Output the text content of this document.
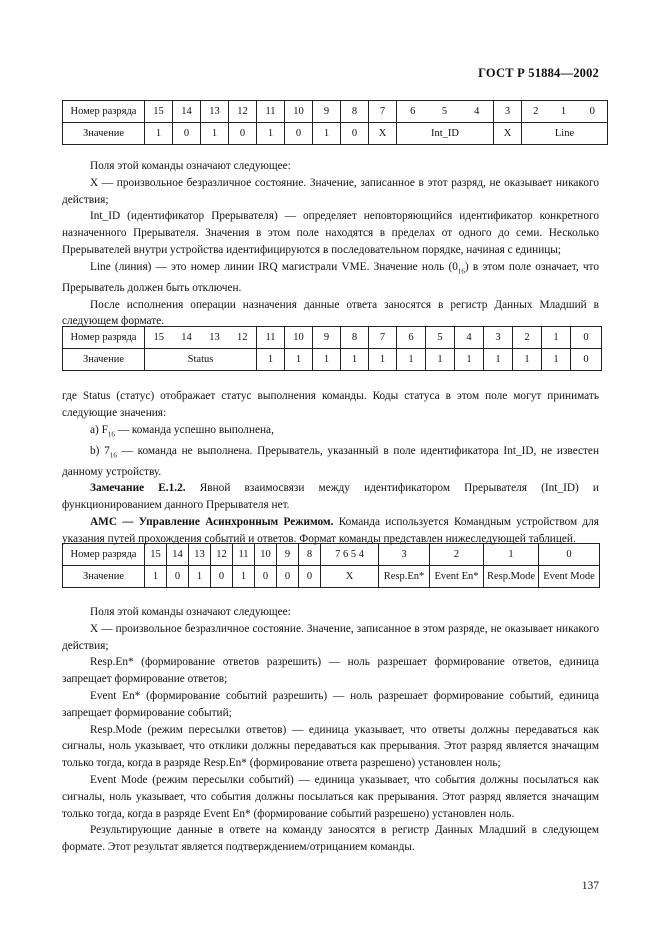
ГОСТ Р 51884—2002
Номер разряда	15	14	13	12	11	10	9	8	7	6	5	4	3	2	1	0
Значение	1	0	1	0	1	0	1	0	X	Int_ID			X	Line		

Поля этой команды означают следующее:

X — произвольное безразличное состояние. Значение, записанное в этот разряд, не оказывает никакого действия;

Int_ID (идентификатор Прерывателя) — определяет неповторяющийся идентификатор конкретного назначенного Прерывателя. Значения в этом поле находятся в пределах от одного до семи. Несколько Прерывателей внутри устройства идентифицируются в последовательном порядке, начиная с единицы;

Line (линия) — это номер линии IRQ магистрали VME. Значение ноль $(0_{16})$ в этом поле означает, что Прерыватель должен быть отключен.

После исполнения операции назначения данные ответа заносятся в регистр Данных Младший в следующем формате.

Номер разряда	15	14	13	12	11	10	9	8	7	6	5	4	3	2	1	0
Значение	Status				1	1	1	1	1	1	1	1	1	1	1	0

где Status (статус) отображает статус выполнения команды. Коды статуса в этом поле могут принимать следующие значения:

a) $F_{16}$ — команда успешно выполнена,

b) $7_{16}$ — команда не выполнена. Прерыватель, указанный в поле идентификатора Int_ID, не известен данному устройству.

Замечание Е.1.2. Явной взаимосвязи между идентификатором Прерывателя (Int_ID) и функционированием данного Прерывателя нет.

АМС — Управление Асинхронным Режимом. Команда используется Командным устройством для указания путей прохождения событий и ответов. Формат команды представлен нижеследующей таблицей.

Номер разряда	15	14	13	12	11	10	9	8	7 6 5 4	3	2	1	0
Значение	1	0	1	0	1	0	0	0	X	Resp.En*	Event En*	Resp.Mode	Event Mode

Поля этой команды означают следующее:

X — произвольное безразличное состояние. Значение, записанное в этом разряде, не оказывает никакого действия;

Resp.En* (формирование ответов разрешить) — ноль разрешает формирование ответов, единица запрещает формирование ответов;

Event En* (формирование событий разрешить) — ноль разрешает формирование событий, единица запрещает формирование событий;

Resp.Mode (режим пересылки ответов) — единица указывает, что ответы должны передаваться как сигналы, ноль указывает, что отклики должны передаваться как прерывания. Этот разряд является значащим только тогда, когда в разряде Resp.En* (формирование ответа разрешено) установлен ноль;

Event Mode (режим пересылки событий) — единица указывает, что события должны посылаться как сигналы, ноль указывает, что события должны посылаться как прерывания. Этот разряд является значащим только тогда, когда в разряде Event En* (формирование событий разрешено) установлен ноль.

Результирующие данные в ответе на команду заносятся в регистр Данных Младший в следующем формате. Этот результат является подтверждением/отрицанием команды.

137
